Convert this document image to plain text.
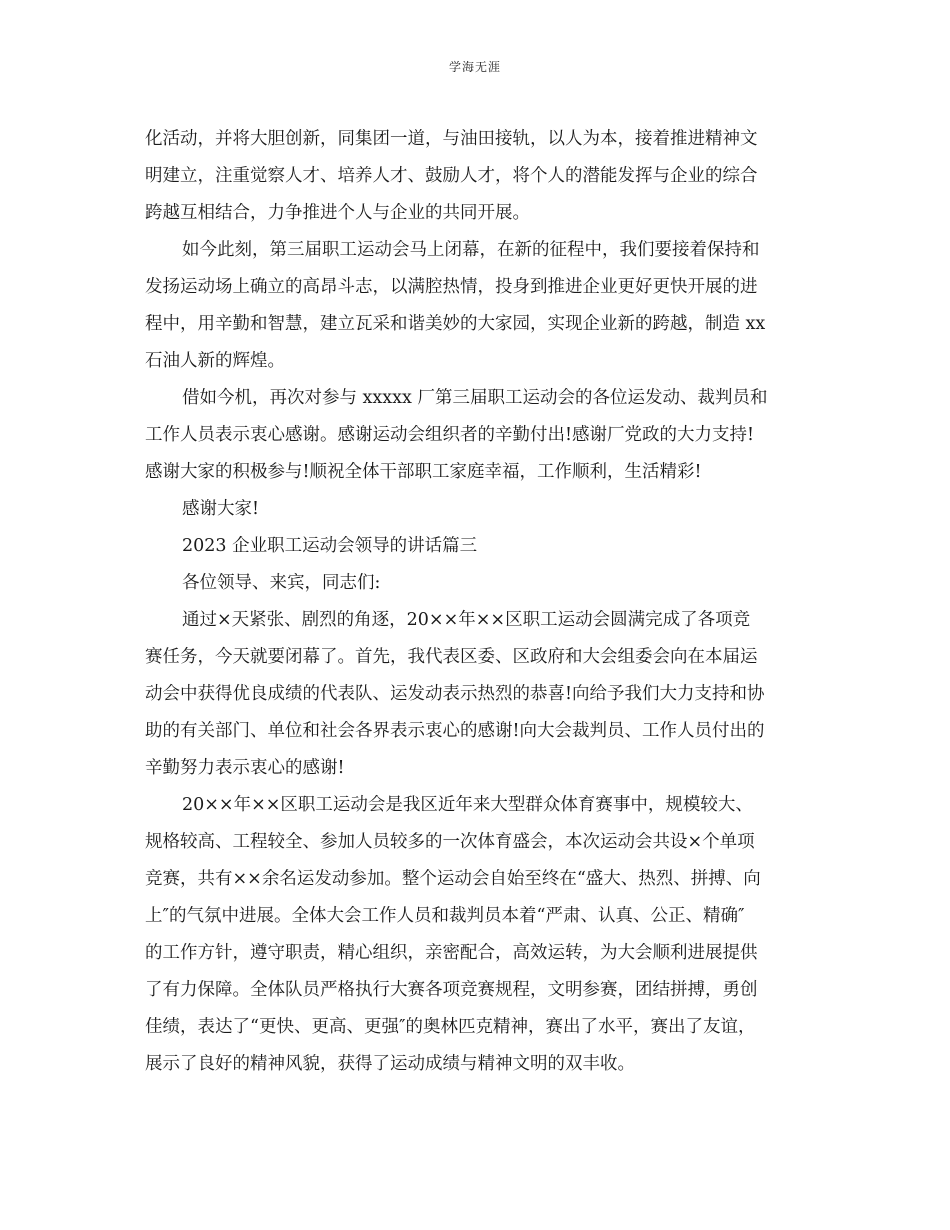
学海无涯
化活动，并将大胆创新，同集团一道，与油田接轨，以人为本，接着推进精神文
明建立，注重觉察人才、培养人才、鼓励人才，将个人的潜能发挥与企业的综合
跨越互相结合，力争推进个人与企业的共同开展。
如今此刻，第三届职工运动会马上闭幕，在新的征程中，我们要接着保持和
发扬运动场上确立的高昂斗志，以满腔热情，投身到推进企业更好更快开展的进
程中，用辛勤和智慧，建立瓦采和谐美妙的大家园，实现企业新的跨越，制造 xx
石油人新的辉煌。
借如今机，再次对参与 xxxxx 厂第三届职工运动会的各位运发动、裁判员和
工作人员表示衷心感谢。感谢运动会组织者的辛勤付出!感谢厂党政的大力支持!
感谢大家的积极参与!顺祝全体干部职工家庭幸福，工作顺利，生活精彩!
感谢大家!
2023 企业职工运动会领导的讲话篇三
各位领导、来宾，同志们:
通过×天紧张、剧烈的角逐，20××年××区职工运动会圆满完成了各项竞
赛任务，今天就要闭幕了。首先，我代表区委、区政府和大会组委会向在本届运
动会中获得优良成绩的代表队、运发动表示热烈的恭喜!向给予我们大力支持和协
助的有关部门、单位和社会各界表示衷心的感谢!向大会裁判员、工作人员付出的
辛勤努力表示衷心的感谢!
20××年××区职工运动会是我区近年来大型群众体育赛事中，规模较大、
规格较高、工程较全、参加人员较多的一次体育盛会，本次运动会共设×个单项
竞赛，共有××余名运发动参加。整个运动会自始至终在“盛大、热烈、拼搏、向
上″的气氛中进展。全体大会工作人员和裁判员本着“严肃、认真、公正、精确″
的工作方针，遵守职责，精心组织，亲密配合，高效运转，为大会顺利进展提供
了有力保障。全体队员严格执行大赛各项竞赛规程，文明参赛，团结拼搏，勇创
佳绩，表达了“更快、更高、更强″的奥林匹克精神，赛出了水平，赛出了友谊，
展示了良好的精神风貌，获得了运动成绩与精神文明的双丰收。
